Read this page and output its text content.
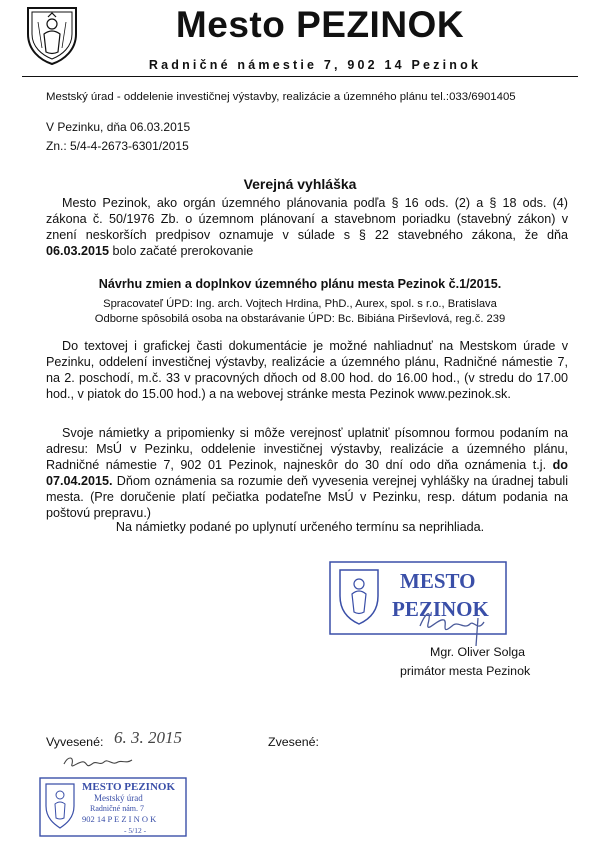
Mesto PEZINOK
Radničné námestie 7, 902 14 Pezinok
Mestský úrad - oddelenie investičnej výstavby, realizácie a územného plánu tel.:033/6901405
V Pezinku, dňa 06.03.2015
Zn.: 5/4-4-2673-6301/2015
Verejná vyhláška
Mesto Pezinok, ako orgán územného plánovania podľa § 16 ods. (2) a § 18 ods. (4) zákona č. 50/1976 Zb. o územnom plánovaní a stavebnom poriadku (stavebný zákon) v znení neskorších predpisov oznamuje v súlade s § 22 stavebného zákona, že dňa 06.03.2015 bolo začaté prerokovanie
Návrhu zmien a doplnkov územného plánu mesta Pezinok č.1/2015.
Spracovateľ ÚPD: Ing. arch. Vojtech Hrdina, PhD., Aurex, spol. s r.o., Bratislava
Odborne spôsobilá osoba na obstarávanie ÚPD: Bc. Bibiána Pirševlová, reg.č. 239
Do textovej i grafickej časti dokumentácie je možné nahliadnuť na Mestskom úrade v Pezinku, oddelení investičnej výstavby, realizácie a územného plánu, Radničné námestie 7, na 2. poschodí, m.č. 33 v pracovných dňoch od 8.00 hod. do 16.00 hod., (v stredu do 17.00 hod., v piatok do 15.00 hod.) a na webovej stránke mesta Pezinok www.pezinok.sk.
Svoje námietky a pripomienky si môže verejnosť uplatniť písomnou formou podaním na adresu: MsÚ v Pezinku, oddelenie investičnej výstavby, realizácie a územného plánu, Radničné námestie 7, 902 01 Pezinok, najneskôr do 30 dní odo dňa oznámenia t.j. do 07.04.2015. Dňom oznámenia sa rozumie deň vyvesenia verejnej vyhlášky na úradnej tabuli mesta. (Pre doručenie platí pečiatka podateľne MsÚ v Pezinku, resp. dátum podania na poštovú prepravu.)
Na námietky podané po uplynutí určeného termínu sa neprihliada.
MESTO
PEZINOK
Mgr. Oliver Solga
primátor mesta Pezinok
Vyvesené: 6. 3. 2015	Zvesené:
MESTO PEZINOK
Mestský úrad
Radničné nám. 7
902 14 P E Z I N O K
- 5/12 -
